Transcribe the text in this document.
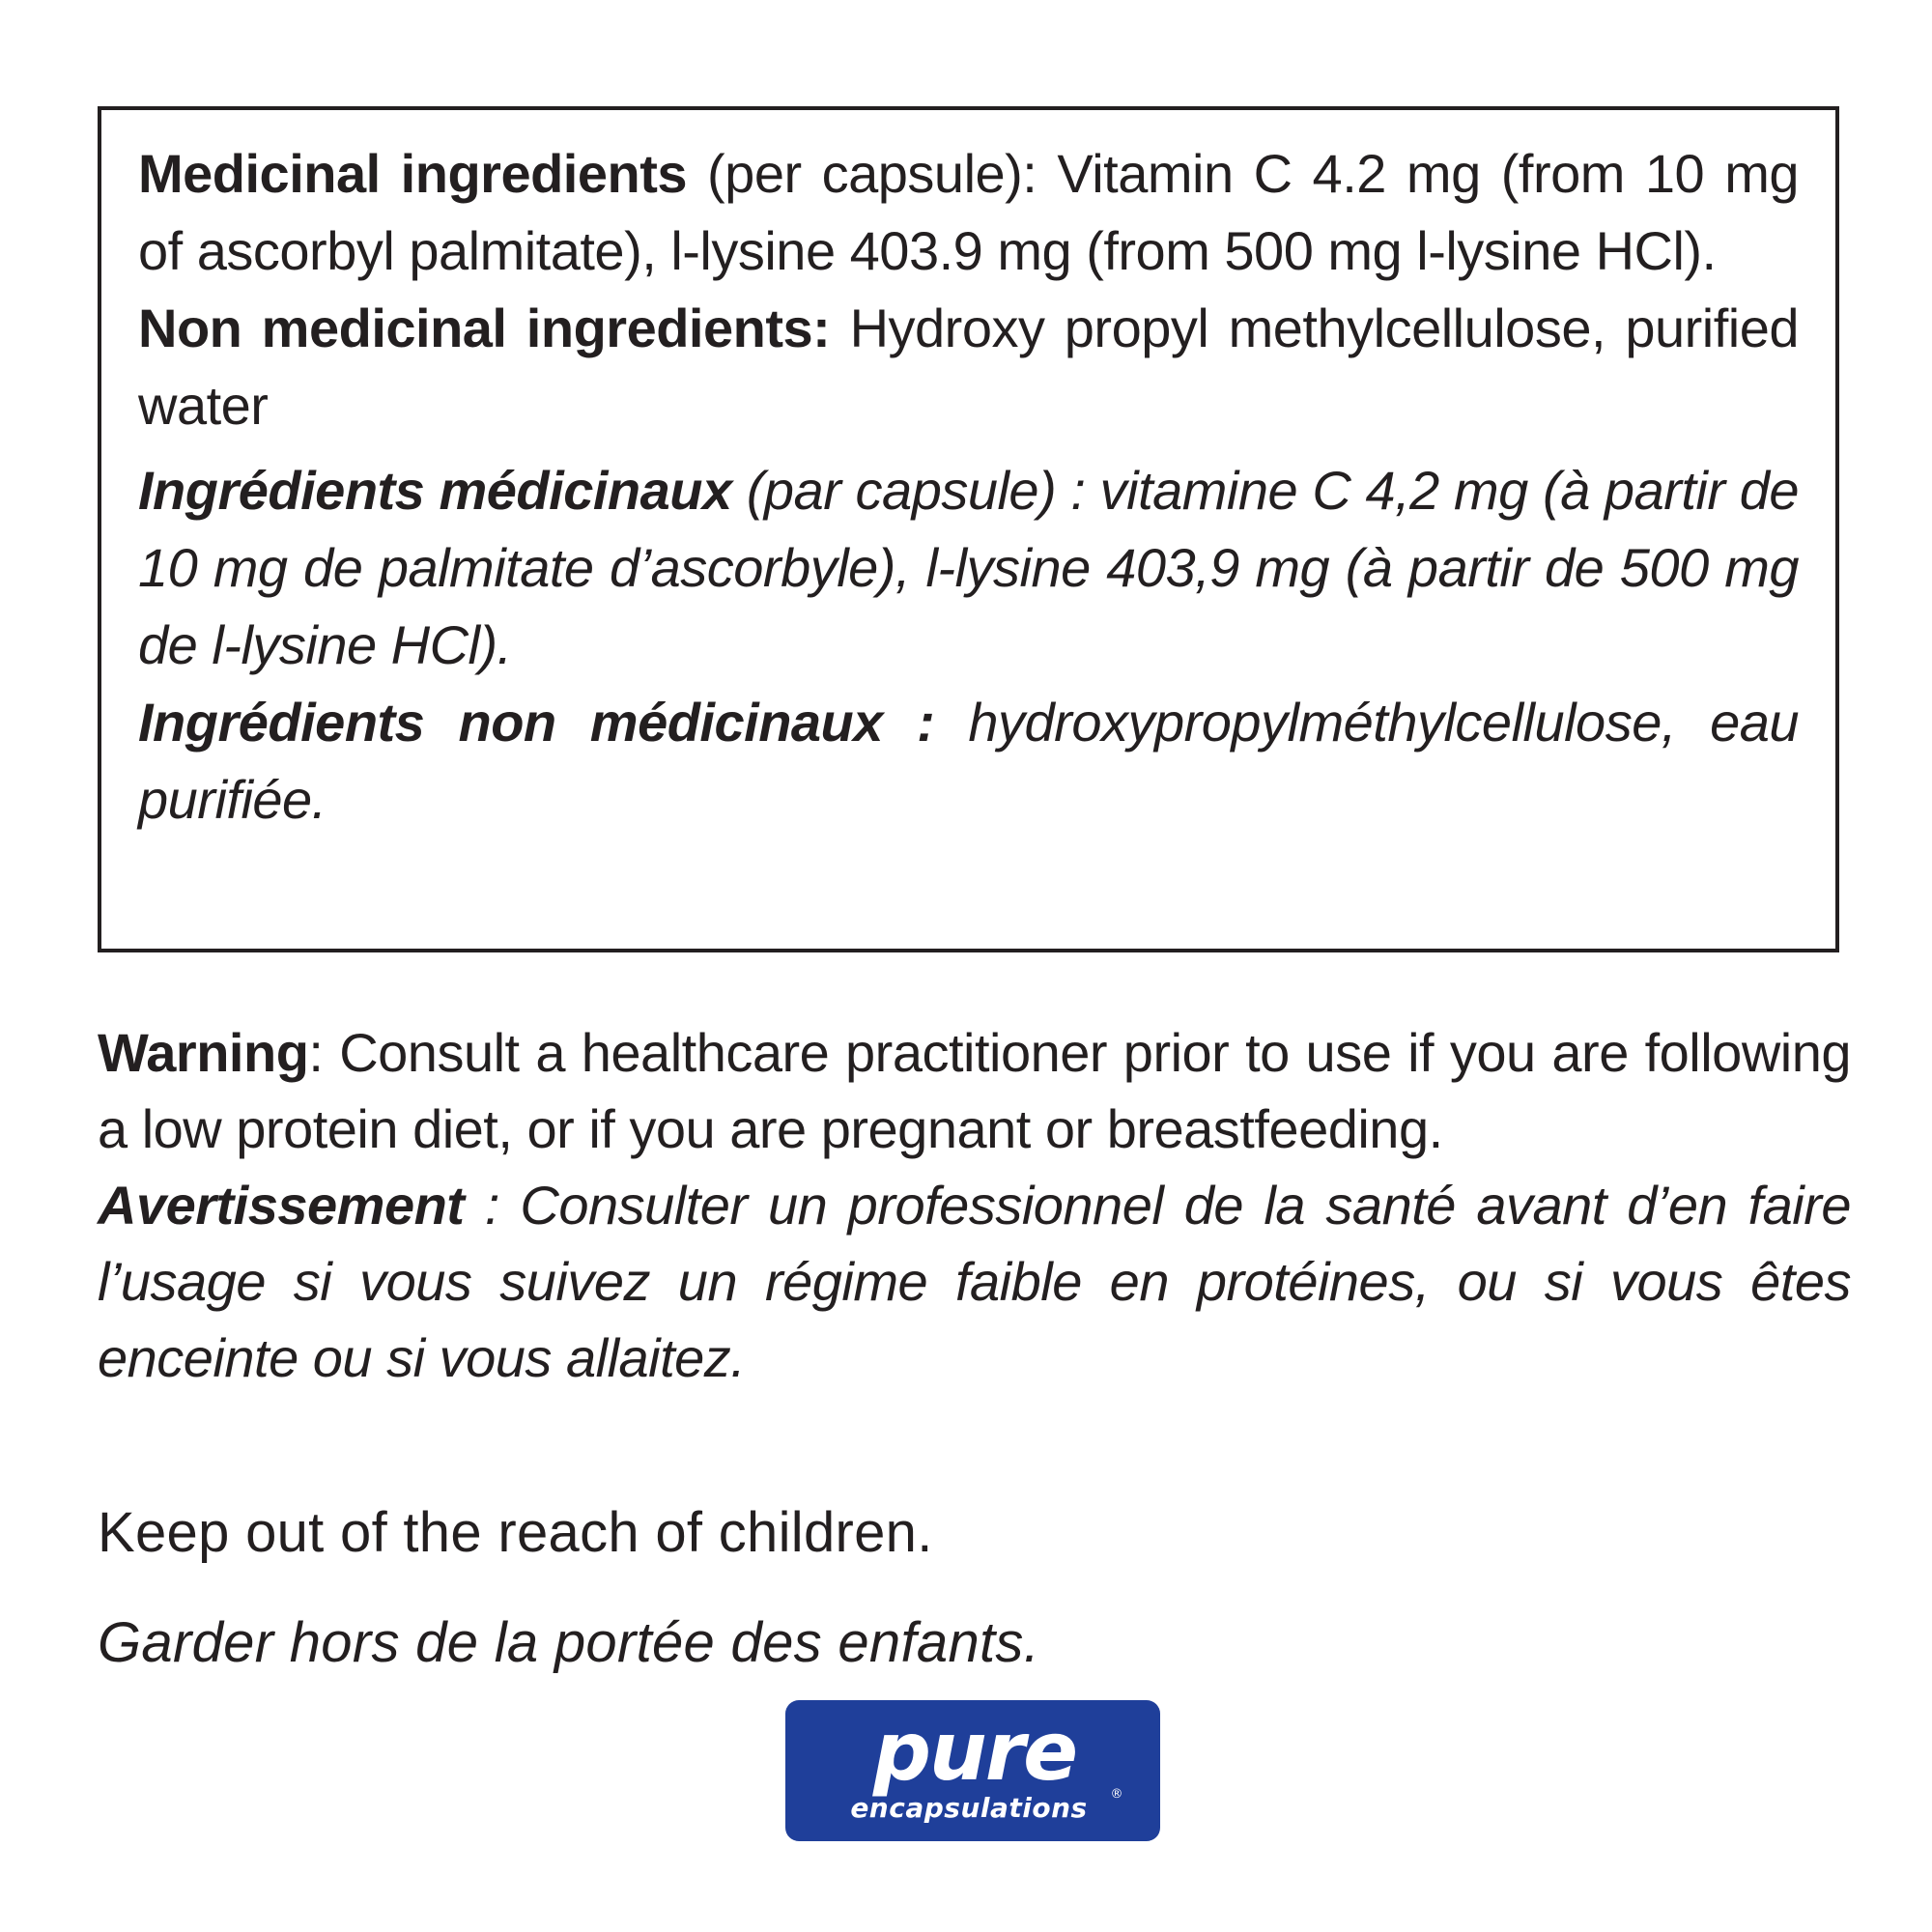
Medicinal ingredients (per capsule): Vitamin C 4.2 mg (from 10 mg of ascorbyl palmitate), l-lysine 403.9 mg (from 500 mg l-lysine HCl).

Non medicinal ingredients: Hydroxy propyl methylcellulose, purified water

Ingrédients médicinaux (par capsule) : vitamine C 4,2 mg (à partir de 10 mg de palmitate d’ascorbyle), l-lysine 403,9 mg (à partir de 500 mg de l-lysine HCl).

Ingrédients non médicinaux : hydroxypropylméthylcellulose, eau purifiée.

Warning: Consult a healthcare practitioner prior to use if you are following a low protein diet, or if you are pregnant or breastfeeding.

Avertissement : Consulter un professionnel de la santé avant d’en faire l’usage si vous suivez un régime faible en protéines, ou si vous êtes enceinte ou si vous allaitez.

Keep out of the reach of children.

Garder hors de la portée des enfants.

pure
encapsulations ®
